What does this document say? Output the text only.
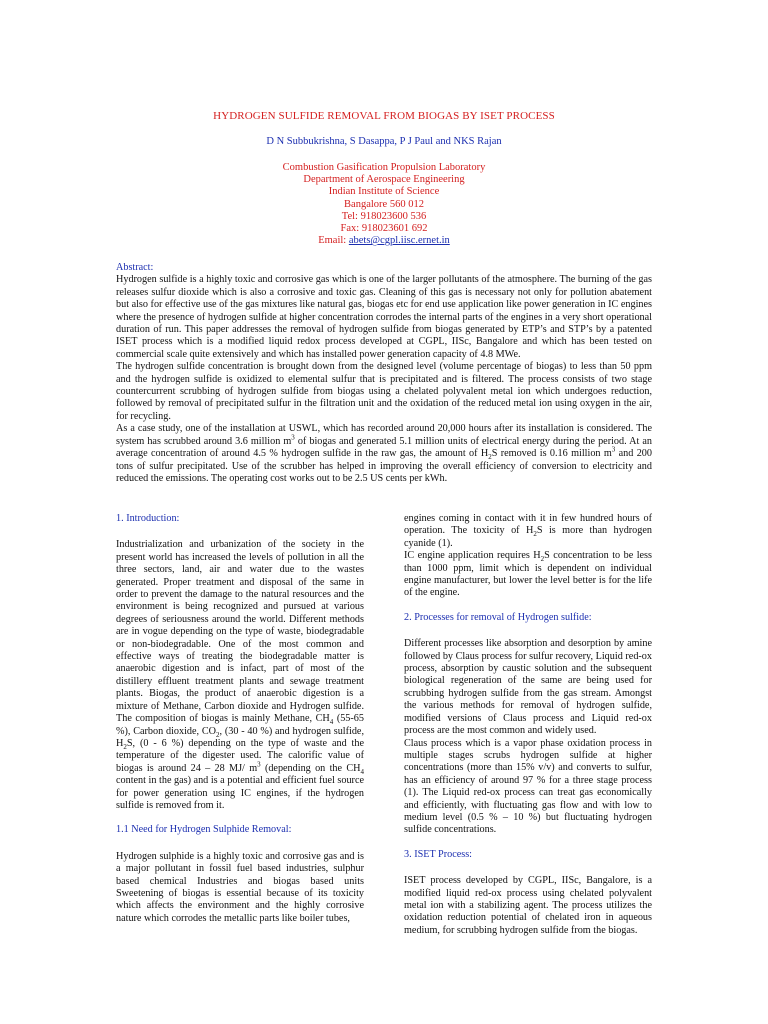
HYDROGEN SULFIDE REMOVAL FROM BIOGAS BY ISET PROCESS
D N Subbukrishna, S Dasappa, P J Paul and NKS Rajan
Combustion Gasification Propulsion Laboratory
Department of Aerospace Engineering
Indian Institute of Science
Bangalore 560 012
Tel: 918023600 536
Fax: 918023601 692
Email: abets@cgpl.iisc.ernet.in

Abstract:

Hydrogen sulfide is a highly toxic and corrosive gas which is one of the larger pollutants of the atmosphere. The burning of the gas releases sulfur dioxide which is also a corrosive and toxic gas. Cleaning of this gas is necessary not only for pollution abatement but also for effective use of the gas mixtures like natural gas, biogas etc for end use application like power generation in IC engines where the presence of hydrogen sulfide at higher concentration corrodes the internal parts of the engines in a very short operational duration of run. This paper addresses the removal of hydrogen sulfide from biogas generated by ETP’s and STP’s by a patented ISET process which is a modified liquid redox process developed at CGPL, IISc, Bangalore and which has been tested on commercial scale quite extensively and which has installed power generation capacity of 4.8 MWe.

The hydrogen sulfide concentration is brought down from the designed level (volume percentage of biogas) to less than 50 ppm and the hydrogen sulfide is oxidized to elemental sulfur that is precipitated and is filtered. The process consists of two stage countercurrent scrubbing of hydrogen sulfide from biogas using a chelated polyvalent metal ion which undergoes reduction, followed by removal of precipitated sulfur in the filtration unit and the oxidation of the reduced metal ion using oxygen in the air, for recycling.

As a case study, one of the installation at USWL, which has recorded around 20,000 hours after its installation is considered. The system has scrubbed around 3.6 million $m^3$ of biogas and generated 5.1 million units of electrical energy during the period. At an average concentration of around 4.5 % hydrogen sulfide in the raw gas, the amount of $H_2S$ removed is 0.16 million $m^3$ and 200 tons of sulfur precipitated. Use of the scrubber has helped in improving the overall efficiency of conversion to electricity and reduced the emissions. The operating cost works out to be 2.5 US cents per kWh.

1. Introduction:

Industrialization and urbanization of the society in the present world has increased the levels of pollution in all the three sectors, land, air and water due to the wastes generated. Proper treatment and disposal of the same in order to prevent the damage to the natural resources and the environment is being recognized and pursued at various degrees of seriousness around the world. Different methods are in vogue depending on the type of waste, biodegradable or non-biodegradable. One of the most common and effective ways of treating the biodegradable matter is anaerobic digestion and is infact, part of most of the distillery effluent treatment plants and sewage treatment plants. Biogas, the product of anaerobic digestion is a mixture of Methane, Carbon dioxide and Hydrogen sulfide. The composition of biogas is mainly Methane, $CH_4$ (55-65 %), Carbon dioxide, $CO_2$, (30 - 40 %) and hydrogen sulfide, $H_2S$, (0 - 6 %) depending on the type of waste and the temperature of the digester used. The calorific value of biogas is around 24 – 28 MJ/ $m^3$ (depending on the $CH_4$ content in the gas) and is a potential and efficient fuel source for power generation using IC engines, if the hydrogen sulfide is removed from it.

1.1 Need for Hydrogen Sulphide Removal:

Hydrogen sulphide is a highly toxic and corrosive gas and is a major pollutant in fossil fuel based industries, sulphur based chemical Industries and biogas based units Sweetening of biogas is essential because of its toxicity which affects the environment and the highly corrosive nature which corrodes the metallic parts like boiler tubes,

engines coming in contact with it in few hundred hours of operation. The toxicity of $H_2S$ is more than hydrogen cyanide (1).

IC engine application requires $H_2S$ concentration to be less than 1000 ppm, limit which is dependent on individual engine manufacturer, but lower the level better is for the life of the engine.

2. Processes for removal of Hydrogen sulfide:

Different processes like absorption and desorption by amine followed by Claus process for sulfur recovery, Liquid red-ox process, absorption by caustic solution and the subsequent biological regeneration of the same are being used for scrubbing hydrogen sulfide from the gas stream. Amongst the various methods for removal of hydrogen sulfide, modified versions of Claus process and Liquid red-ox process are the most common and widely used.

Claus process which is a vapor phase oxidation process in multiple stages scrubs hydrogen sulfide at higher concentrations (more than 15% v/v) and converts to sulfur, has an efficiency of around 97 % for a three stage process (1). The Liquid red-ox process can treat gas economically and efficiently, with fluctuating gas flow and with low to medium level (0.5 % – 10 %) but fluctuating hydrogen sulfide concentrations.

3. ISET Process:

ISET process developed by CGPL, IISc, Bangalore, is a modified liquid red-ox process using chelated polyvalent metal ion with a stabilizing agent. The process utilizes the oxidation reduction potential of chelated iron in aqueous medium, for scrubbing hydrogen sulfide from the biogas.
